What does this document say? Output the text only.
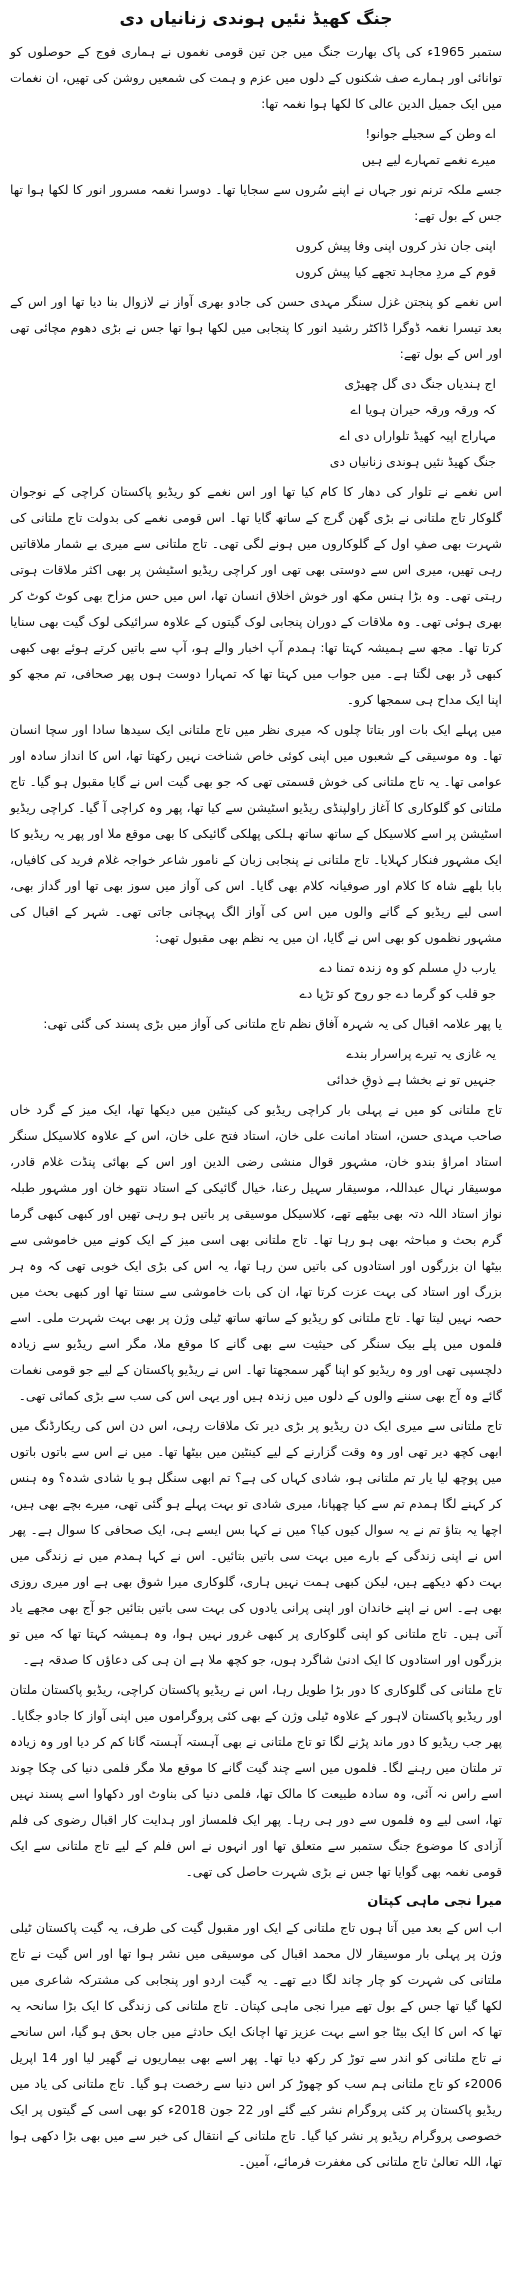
جنگ کھیڈ نئیں ہوندی زنانیاں دی

ستمبر 1965ء کی پاک بھارت جنگ میں جن تین قومی نغموں نے ہماری فوج کے حوصلوں کو توانائی اور ہمارے صف شکنوں کے دلوں میں عزم و ہمت کی شمعیں روشن کی تھیں، ان نغمات میں ایک جمیل الدین عالی کا لکھا ہوا نغمہ تھا:

اے وطن کے سجیلے جوانو!

میرے نغمے تمہارے لیے ہیں

جسے ملکہ ترنم نور جہاں نے اپنے سُروں سے سجایا تھا۔ دوسرا نغمہ مسرور انور کا لکھا ہوا تھا جس کے بول تھے:

اپنی جان نذر کروں اپنی وفا پیش کروں

قوم کے مردِ مجاہد تجھے کیا پیش کروں

اس نغمے کو پنجتن غزل سنگر مہدی حسن کی جادو بھری آواز نے لازوال بنا دیا تھا اور اس کے بعد تیسرا نغمہ ڈوگرا ڈاکٹر رشید انور کا پنجابی میں لکھا ہوا تھا جس نے بڑی دھوم مچائی تھی اور اس کے بول تھے:

اج ہندیاں جنگ دی گل چھیڑی

کہ ورقہ ورقہ حیران ہویا اے

مہاراج اپیہ کھیڈ تلواراں دی اے

جنگ کھیڈ نئیں ہوندی زنانیاں دی

اس نغمے نے تلوار کی دھار کا کام کیا تھا اور اس نغمے کو ریڈیو پاکستان کراچی کے نوجوان گلوکار تاج ملتانی نے بڑی گھن گرج کے ساتھ گایا تھا۔ اس قومی نغمے کی بدولت تاج ملتانی کی شہرت بھی صفِ اول کے گلوکاروں میں ہونے لگی تھی۔ تاج ملتانی سے میری بے شمار ملاقاتیں رہی تھیں، میری اس سے دوستی بھی تھی اور کراچی ریڈیو اسٹیشن پر بھی اکثر ملاقات ہوتی رہتی تھی۔ وہ بڑا ہنس مکھ اور خوش اخلاق انسان تھا، اس میں حس مزاح بھی کوٹ کوٹ کر بھری ہوئی تھی۔ وہ ملاقات کے دوران پنجابی لوک گیتوں کے علاوہ سرائیکی لوک گیت بھی سنایا کرتا تھا۔ مجھ سے ہمیشہ کہتا تھا: ہمدم آپ اخبار والے ہو، آپ سے باتیں کرتے ہوئے بھی کبھی کبھی ڈر بھی لگتا ہے۔ میں جواب میں کہتا تھا کہ تمہارا دوست ہوں پھر صحافی، تم مجھ کو اپنا ایک مداح ہی سمجھا کرو۔

میں پہلے ایک بات اور بتاتا چلوں کہ میری نظر میں تاج ملتانی ایک سیدھا سادا اور سچا انسان تھا۔ وہ موسیقی کے شعبوں میں اپنی کوئی خاص شناخت نہیں رکھتا تھا، اس کا انداز سادہ اور عوامی تھا۔ یہ تاج ملتانی کی خوش قسمتی تھی کہ جو بھی گیت اس نے گایا مقبول ہو گیا۔ تاج ملتانی کو گلوکاری کا آغاز راولپنڈی ریڈیو اسٹیشن سے کیا تھا، پھر وہ کراچی آ گیا۔ کراچی ریڈیو اسٹیشن پر اسے کلاسیکل کے ساتھ ساتھ ہلکی پھلکی گائیکی کا بھی موقع ملا اور پھر یہ ریڈیو کا ایک مشہور فنکار کہلایا۔ تاج ملتانی نے پنجابی زبان کے نامور شاعر خواجہ غلام فرید کی کافیاں، بابا بلھے شاہ کا کلام اور صوفیانہ کلام بھی گایا۔ اس کی آواز میں سوز بھی تھا اور گداز بھی، اسی لیے ریڈیو کے گانے والوں میں اس کی آواز الگ پہچانی جاتی تھی۔ شہر کے اقبال کی مشہور نظموں کو بھی اس نے گایا، ان میں یہ نظم بھی مقبول تھی:

یارب دلِ مسلم کو وہ زندہ تمنا دے

جو قلب کو گرما دے جو روح کو تڑپا دے

یا پھر علامہ اقبال کی یہ شہرہ آفاق نظم تاج ملتانی کی آواز میں بڑی پسند کی گئی تھی:

یہ غازی یہ تیرے پراسرار بندے

جنہیں تو نے بخشا ہے ذوقِ خدائی

تاج ملتانی کو میں نے پہلی بار کراچی ریڈیو کی کینٹین میں دیکھا تھا، ایک میز کے گرد خاں صاحب مہدی حسن، استاد امانت علی خان، استاد فتح علی خان، اس کے علاوہ کلاسیکل سنگر استاد امراؤ بندو خان، مشہور قوال منشی رضی الدین اور اس کے بھائی پنڈت غلام قادر، موسیقار نہال عبداللہ، موسیقار سہیل رعنا، خیال گائیکی کے استاد نتھو خان اور مشہور طبلہ نواز استاد اللہ دتہ بھی بیٹھے تھے، کلاسیکل موسیقی پر باتیں ہو رہی تھیں اور کبھی کبھی گرما گرم بحث و مباحثہ بھی ہو رہا تھا۔ تاج ملتانی بھی اسی میز کے ایک کونے میں خاموشی سے بیٹھا ان بزرگوں اور استادوں کی باتیں سن رہا تھا، یہ اس کی بڑی ایک خوبی تھی کہ وہ ہر بزرگ اور استاد کی بہت عزت کرتا تھا، ان کی بات خاموشی سے سنتا تھا اور کبھی بحث میں حصہ نہیں لیتا تھا۔ تاج ملتانی کو ریڈیو کے ساتھ ساتھ ٹیلی وژن پر بھی بہت شہرت ملی۔ اسے فلموں میں پلے بیک سنگر کی حیثیت سے بھی گانے کا موقع ملا، مگر اسے ریڈیو سے زیادہ دلچسپی تھی اور وہ ریڈیو کو اپنا گھر سمجھتا تھا۔ اس نے ریڈیو پاکستان کے لیے جو قومی نغمات گائے وہ آج بھی سننے والوں کے دلوں میں زندہ ہیں اور یہی اس کی سب سے بڑی کمائی تھی۔

تاج ملتانی سے میری ایک دن ریڈیو پر بڑی دیر تک ملاقات رہی، اس دن اس کی ریکارڈنگ میں ابھی کچھ دیر تھی اور وہ وقت گزارنے کے لیے کینٹین میں بیٹھا تھا۔ میں نے اس سے باتوں باتوں میں پوچھ لیا یار تم ملتانی ہو، شادی کہاں کی ہے؟ تم ابھی سنگل ہو یا شادی شدہ؟ وہ ہنس کر کہنے لگا ہمدم تم سے کیا چھپانا، میری شادی تو بہت پہلے ہو گئی تھی، میرے بچے بھی ہیں، اچھا یہ بتاؤ تم نے یہ سوال کیوں کیا؟ میں نے کہا بس ایسے ہی، ایک صحافی کا سوال ہے۔ پھر اس نے اپنی زندگی کے بارے میں بہت سی باتیں بتائیں۔ اس نے کہا ہمدم میں نے زندگی میں بہت دکھ دیکھے ہیں، لیکن کبھی ہمت نہیں ہاری، گلوکاری میرا شوق بھی ہے اور میری روزی بھی ہے۔ اس نے اپنے خاندان اور اپنی پرانی یادوں کی بہت سی باتیں بتائیں جو آج بھی مجھے یاد آتی ہیں۔ تاج ملتانی کو اپنی گلوکاری پر کبھی غرور نہیں ہوا، وہ ہمیشہ کہتا تھا کہ میں تو بزرگوں اور استادوں کا ایک ادنیٰ شاگرد ہوں، جو کچھ ملا ہے ان ہی کی دعاؤں کا صدقہ ہے۔

تاج ملتانی کی گلوکاری کا دور بڑا طویل رہا، اس نے ریڈیو پاکستان کراچی، ریڈیو پاکستان ملتان اور ریڈیو پاکستان لاہور کے علاوہ ٹیلی وژن کے بھی کئی پروگراموں میں اپنی آواز کا جادو جگایا۔ پھر جب ریڈیو کا دور ماند پڑنے لگا تو تاج ملتانی نے بھی آہستہ آہستہ گانا کم کر دیا اور وہ زیادہ تر ملتان میں رہنے لگا۔ فلموں میں اسے چند گیت گانے کا موقع ملا مگر فلمی دنیا کی چکا چوند اسے راس نہ آئی، وہ سادہ طبیعت کا مالک تھا، فلمی دنیا کی بناوٹ اور دکھاوا اسے پسند نہیں تھا، اسی لیے وہ فلموں سے دور ہی رہا۔ پھر ایک فلمساز اور ہدایت کار اقبال رضوی کی فلم آزادی کا موضوع جنگ ستمبر سے متعلق تھا اور انہوں نے اس فلم کے لیے تاج ملتانی سے ایک قومی نغمہ بھی گوایا تھا جس نے بڑی شہرت حاصل کی تھی۔

میرا نجی ماہی کپتان

اب اس کے بعد میں آتا ہوں تاج ملتانی کے ایک اور مقبول گیت کی طرف، یہ گیت پاکستان ٹیلی وژن پر پہلی بار موسیقار لال محمد اقبال کی موسیقی میں نشر ہوا تھا اور اس گیت نے تاج ملتانی کی شہرت کو چار چاند لگا دیے تھے۔ یہ گیت اردو اور پنجابی کی مشترکہ شاعری میں لکھا گیا تھا جس کے بول تھے میرا نجی ماہی کپتان۔ تاج ملتانی کی زندگی کا ایک بڑا سانحہ یہ تھا کہ اس کا ایک بیٹا جو اسے بہت عزیز تھا اچانک ایک حادثے میں جاں بحق ہو گیا، اس سانحے نے تاج ملتانی کو اندر سے توڑ کر رکھ دیا تھا۔ پھر اسے بھی بیماریوں نے گھیر لیا اور 14 اپریل 2006ء کو تاج ملتانی ہم سب کو چھوڑ کر اس دنیا سے رخصت ہو گیا۔ تاج ملتانی کی یاد میں ریڈیو پاکستان پر کئی پروگرام نشر کیے گئے اور 22 جون 2018ء کو بھی اسی کے گیتوں پر ایک خصوصی پروگرام ریڈیو پر نشر کیا گیا۔ تاج ملتانی کے انتقال کی خبر سے میں بھی بڑا دکھی ہوا تھا، اللہ تعالیٰ تاج ملتانی کی مغفرت فرمائے، آمین۔
